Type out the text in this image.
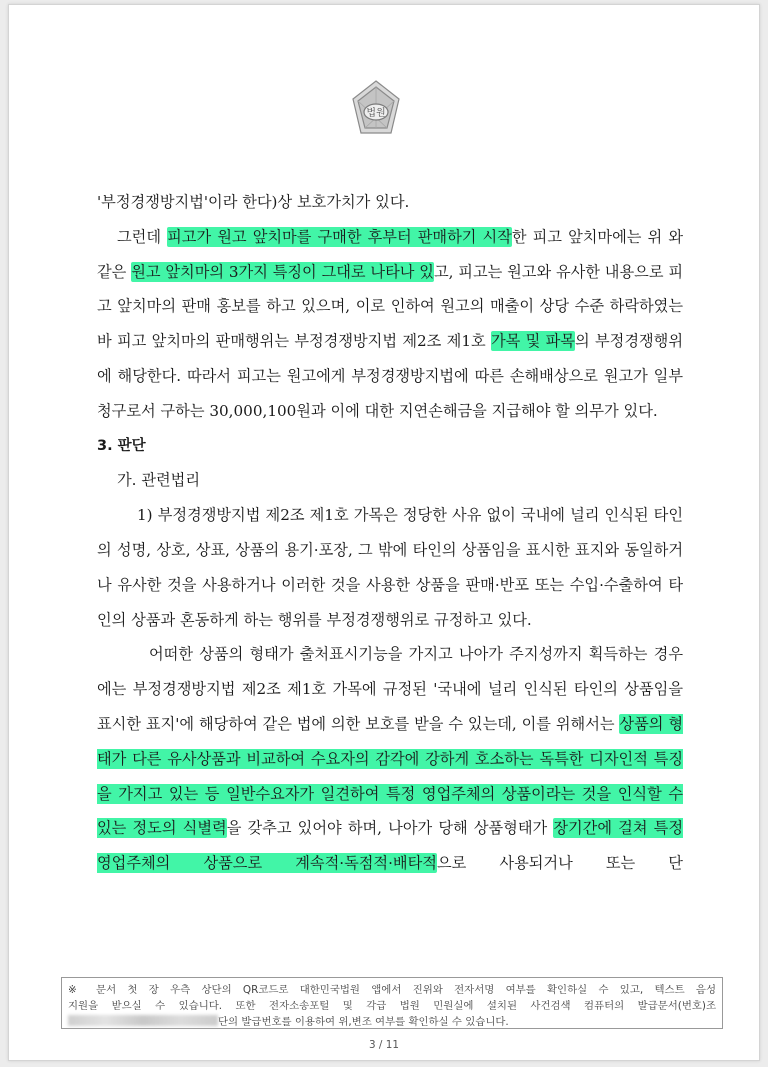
법원

'부정경쟁방지법'이라 한다)상 보호가치가 있다.

그런데 피고가 원고 앞치마를 구매한 후부터 판매하기 시작한 피고 앞치마에는 위 와 같은 원고 앞치마의 3가지 특징이 그대로 나타나 있고, 피고는 원고와 유사한 내용으로 피고 앞치마의 판매 홍보를 하고 있으며, 이로 인하여 원고의 매출이 상당 수준 하락하였는바 피고 앞치마의 판매행위는 부정경쟁방지법 제2조 제1호 가목 및 파목의 부정경쟁행위에 해당한다. 따라서 피고는 원고에게 부정경쟁방지법에 따른 손해배상으로 원고가 일부 청구로서 구하는 30,000,100원과 이에 대한 지연손해금을 지급해야 할 의무가 있다.

3. 판단

가. 관련법리

1) 부정경쟁방지법 제2조 제1호 가목은 정당한 사유 없이 국내에 널리 인식된 타인의 성명, 상호, 상표, 상품의 용기·포장, 그 밖에 타인의 상품임을 표시한 표지와 동일하거나 유사한 것을 사용하거나 이러한 것을 사용한 상품을 판매·반포 또는 수입·수출하여 타인의 상품과 혼동하게 하는 행위를 부정경쟁행위로 규정하고 있다.

어떠한 상품의 형태가 출처표시기능을 가지고 나아가 주지성까지 획득하는 경우에는 부정경쟁방지법 제2조 제1호 가목에 규정된 '국내에 널리 인식된 타인의 상품임을 표시한 표지'에 해당하여 같은 법에 의한 보호를 받을 수 있는데, 이를 위해서는 상품의 형태가 다른 유사상품과 비교하여 수요자의 감각에 강하게 호소하는 독특한 디자인적 특징을 가지고 있는 등 일반수요자가 일견하여 특정 영업주체의 상품이라는 것을 인식할 수 있는 정도의 식별력을 갖추고 있어야 하며, 나아가 당해 상품형태가 장기간에 걸쳐 특정 영업주체의 상품으로 계속적·독점적·배타적으로 사용되거나 또는 단

※ 문서 첫 장 우측 상단의 QR코드로 대한민국법원 앱에서 진위와 전자서명 여부를 확인하실 수 있고, 텍스트 음성

지원을 받으실 수 있습니다. 또한 전자소송포털 및 각급 법원 민원실에 설치된 사건검색 컴퓨터의 발급문서(번호)조

단의 발급번호를 이용하여 위,변조 여부를 확인하실 수 있습니다.

3 / 11
